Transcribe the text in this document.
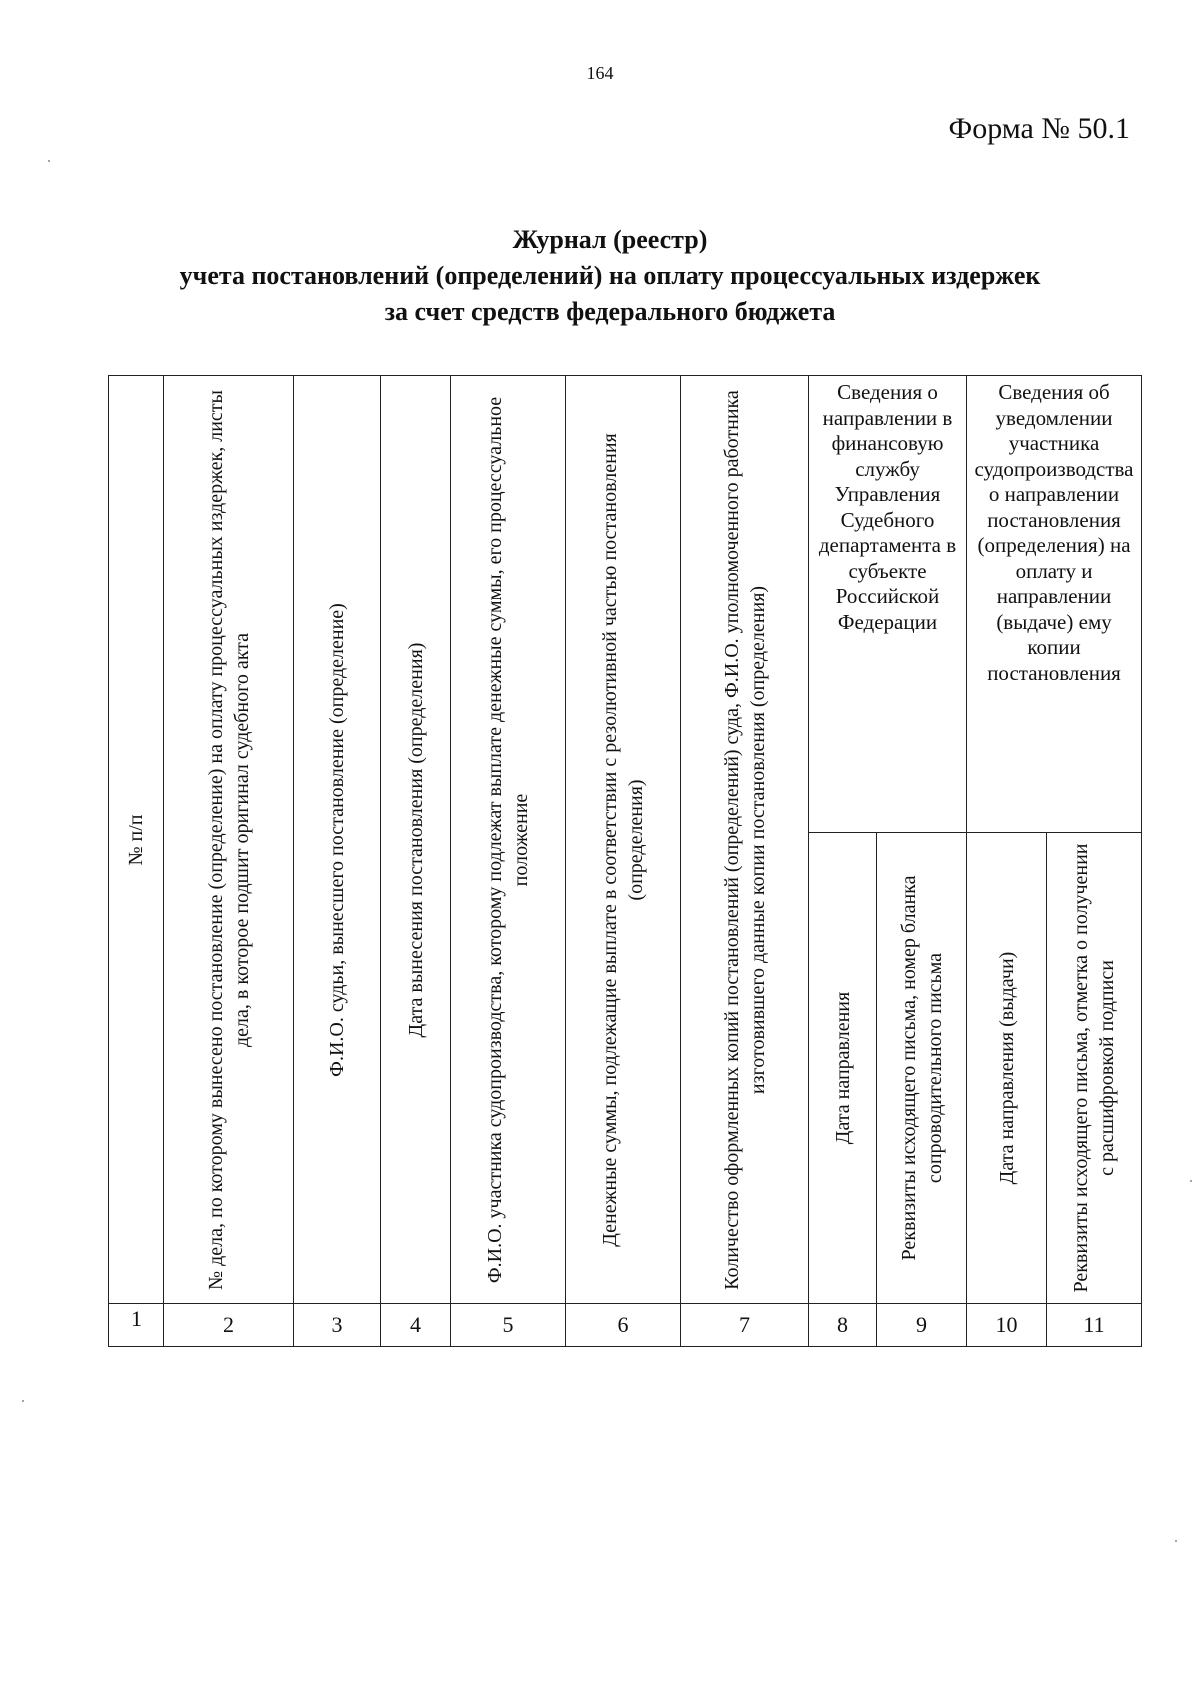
164
Форма № 50.1
Журнал (реестр)
учета постановлений (определений) на оплату процессуальных издержек
за счет средств федерального бюджета
№ п/п	№ дела, по которому вынесено постановление (определение) на оплату процессуальных издержек, листы дела, в которое подшит оригинал судебного акта	Ф.И.О. судьи, вынесшего постановление (определение)	Дата вынесения постановления (определения)	Ф.И.О. участника судопроизводства, которому подлежат выплате денежные суммы, его процессуальное положение	Денежные суммы, подлежащие выплате в соответствии с резолютивной частью постановления (определения)	Количество оформленных копий постановлений (определений) суда, Ф.И.О. уполномоченного работника изготовившего данные копии постановления (определения)	Сведения о направлении в финансовую службу Управления Судебного департамента в субъекте Российской Федерации		Сведения об уведомлении участника судопроизводства о направлении постановления (определения) на оплату и направлении (выдаче) ему копии постановления	

							Дата направления	Реквизиты исходящего письма, номер бланка сопроводительного письма	Дата направления (выдачи)	Реквизиты исходящего письма, отметка о получении с расшифровкой подписи

1	2	3	4	5	6	7	8	9	10	11
